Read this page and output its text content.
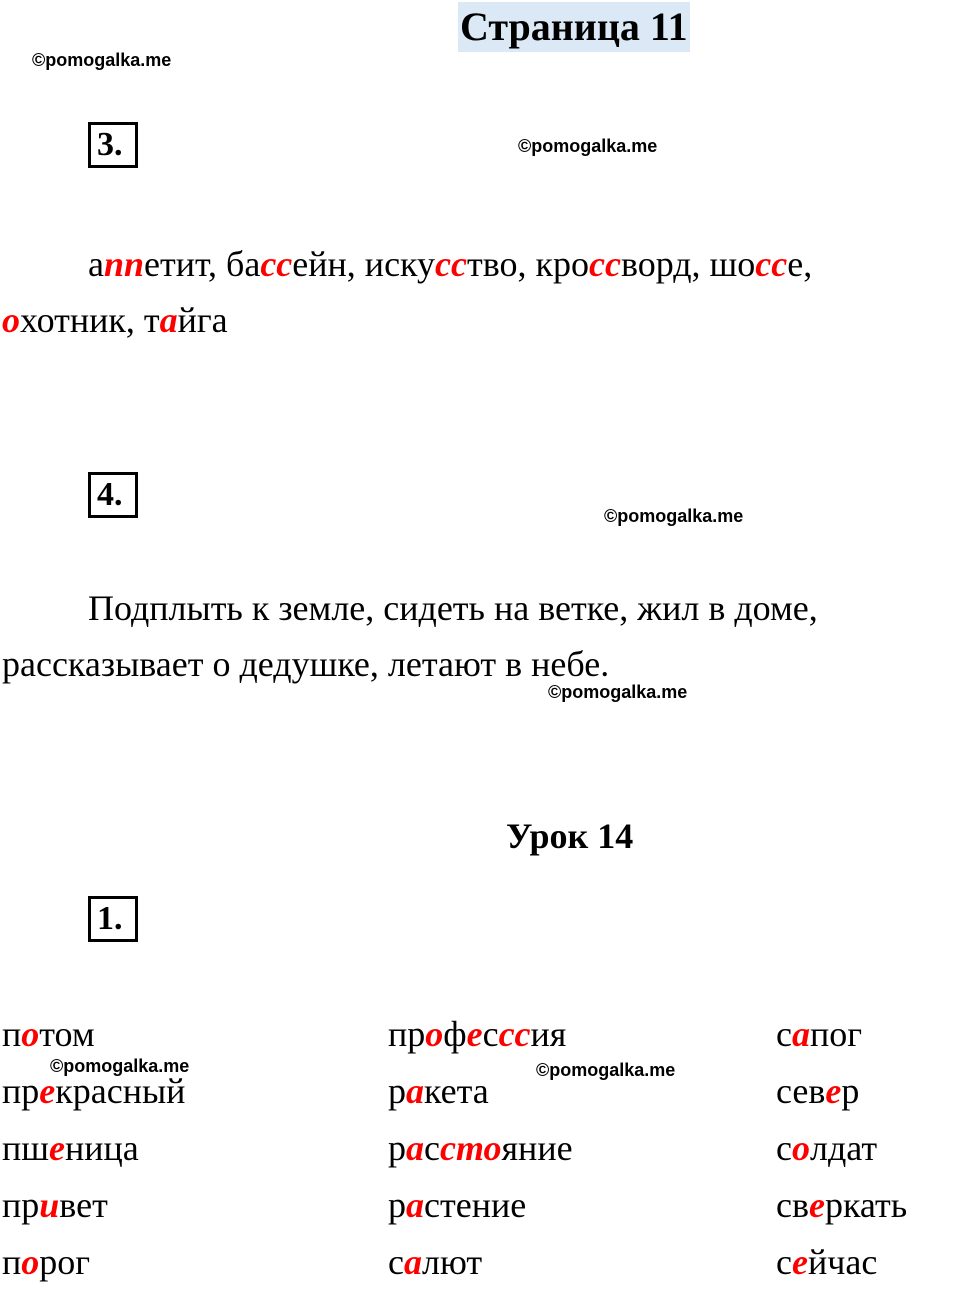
Страница 11
©pomogalka.me
3.	©pomogalka.me
аппетит, бассейн, искусство, кроссворд, шоссе,
охотник, тайга
4.
©pomogalka.me
Подплыть к земле, сидеть на ветке, жил в доме,
рассказывает о дедушке, летают в небе.
©pomogalka.me
Урок 14
1.
потом
прекрасный
пшеница
привет
порог
професссия
ракета
расстояние
растение
салют
сапог
север
солдат
сверкать
сейчас
©pomogalka.me	©pomogalka.me
